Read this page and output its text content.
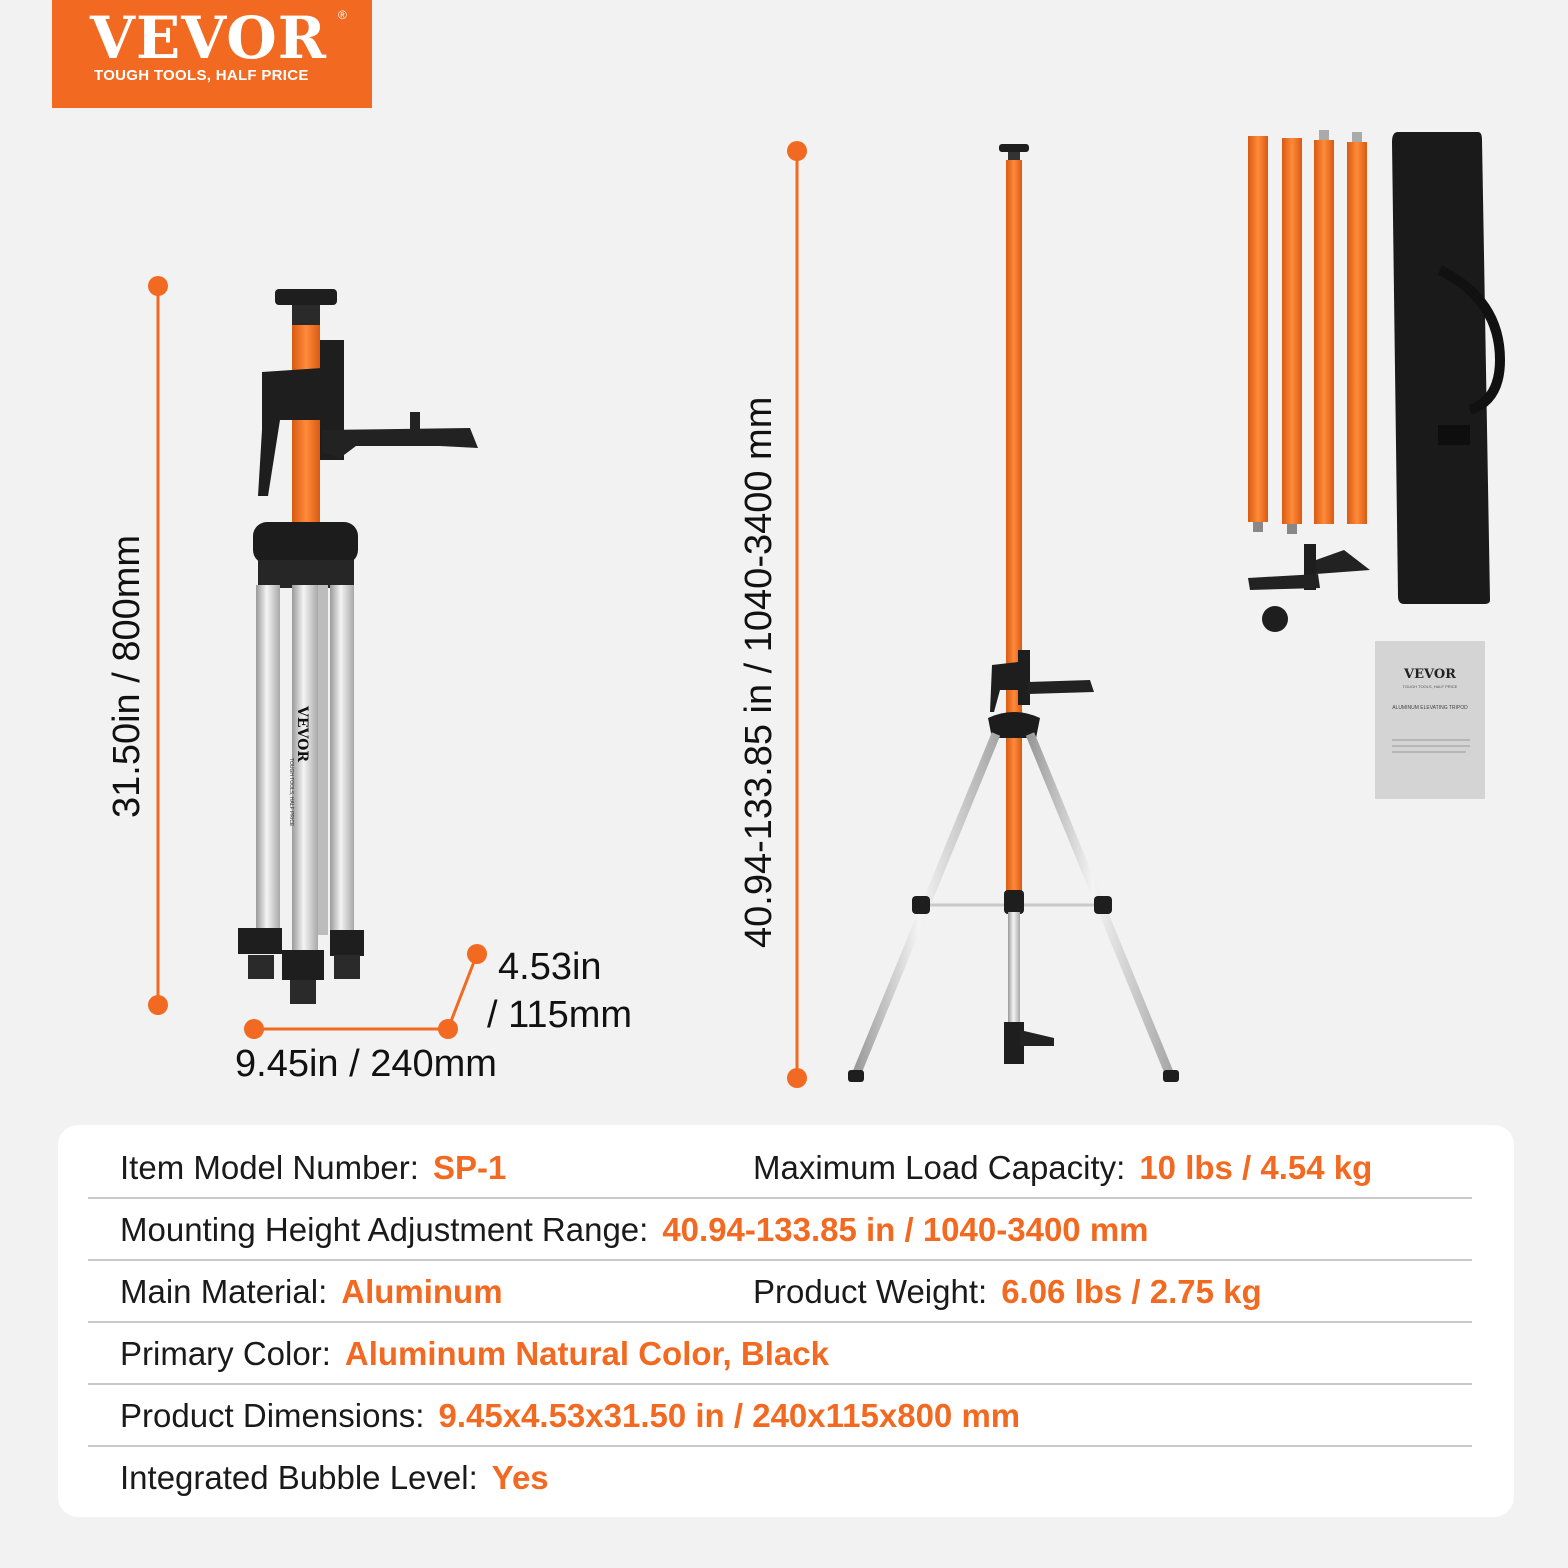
VEVOR ®
TOUGH TOOLS, HALF PRICE
VEVOR
TOUGH TOOLS, HALF PRICE
VEVOR
TOUGH TOOLS, HALF PRICE
ALUMINUM ELEVATING TRIPOD
31.50in / 800mm
9.45in / 240mm
4.53in
/ 115mm
40.94-133.85 in / 1040-3400 mm
Item Model Number: SP-1	Maximum Load Capacity: 10 lbs / 4.54 kg
Mounting Height Adjustment Range: 40.94-133.85 in / 1040-3400 mm
Main Material: Aluminum	Product Weight: 6.06 lbs / 2.75 kg
Primary Color: Aluminum Natural Color, Black
Product Dimensions: 9.45x4.53x31.50 in / 240x115x800 mm
Integrated Bubble Level: Yes
